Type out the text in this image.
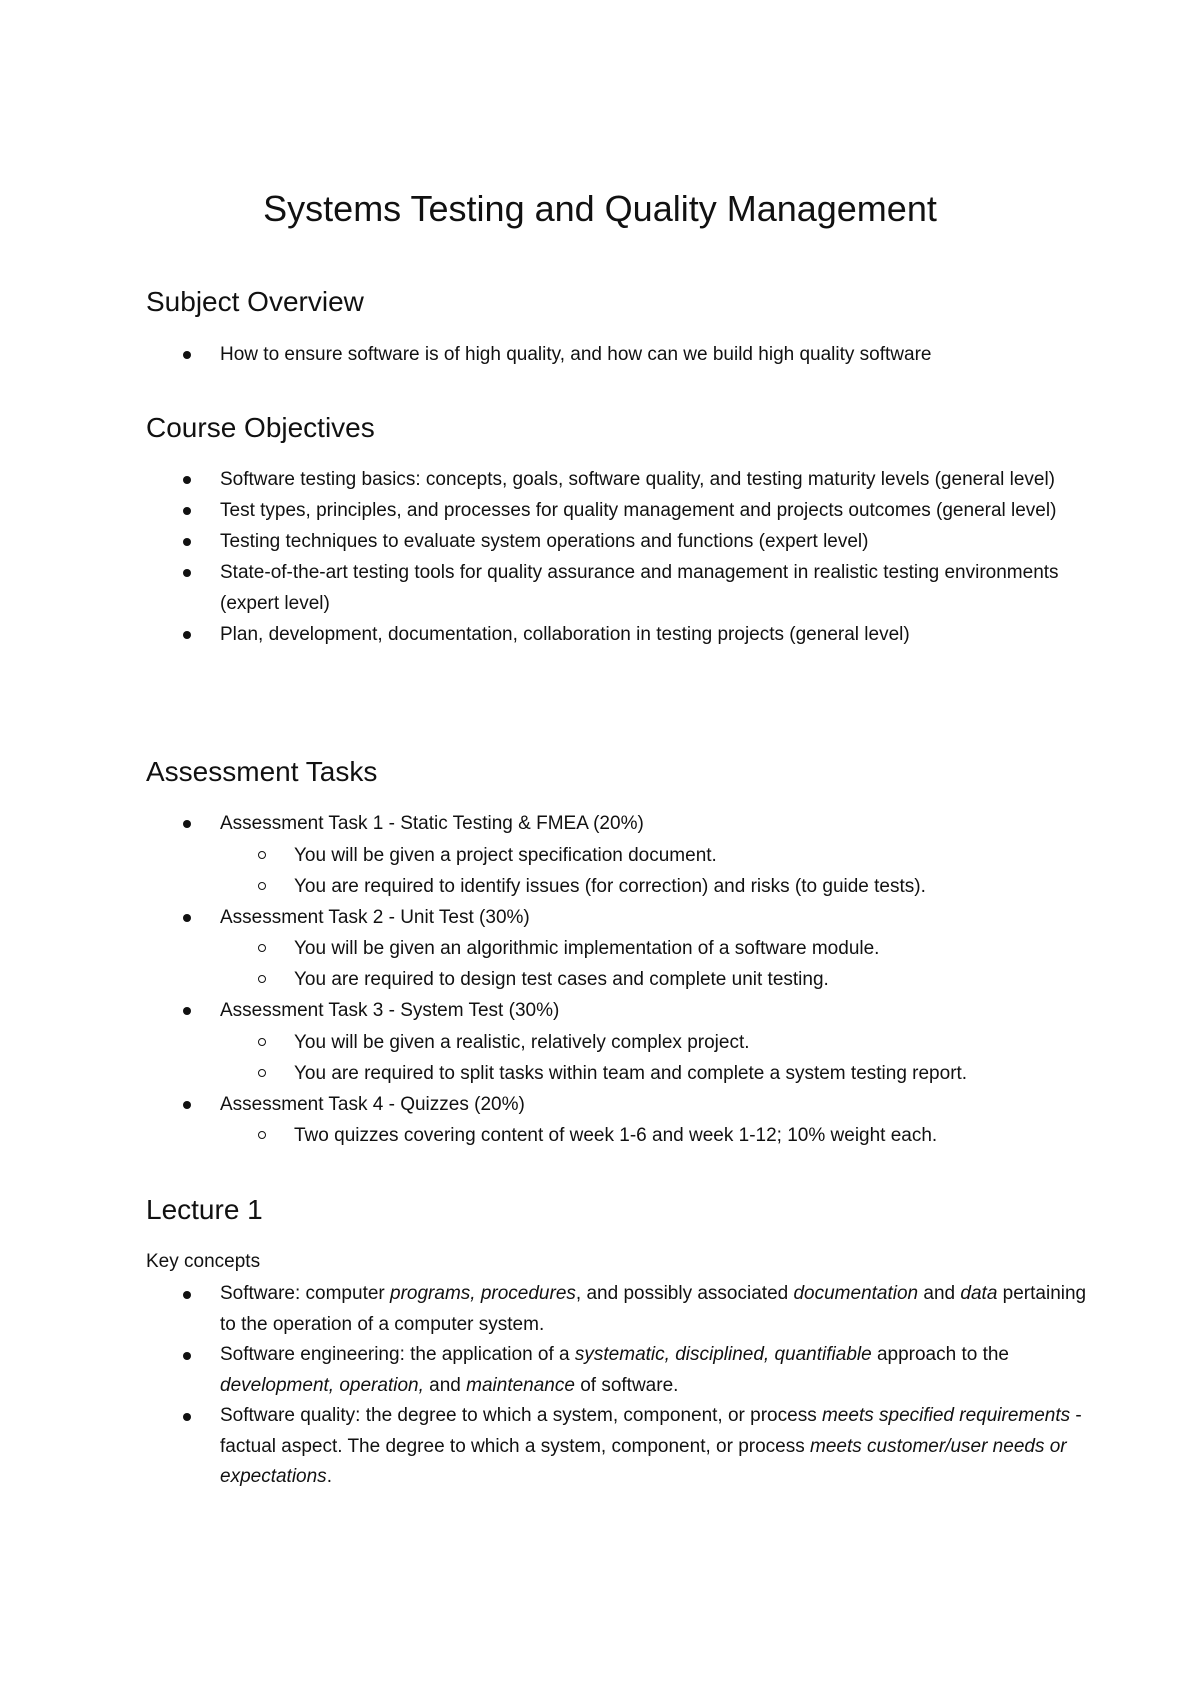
Systems Testing and Quality Management
Subject Overview
How to ensure software is of high quality, and how can we build high quality software
Course Objectives
Software testing basics: concepts, goals, software quality, and testing maturity levels (general level)
Test types, principles, and processes for quality management and projects outcomes (general level)
Testing techniques to evaluate system operations and functions (expert level)
State-of-the-art testing tools for quality assurance and management in realistic testing environments (expert level)
Plan, development, documentation, collaboration in testing projects (general level)
Assessment Tasks
Assessment Task 1 - Static Testing & FMEA (20%)
You will be given a project specification document.
You are required to identify issues (for correction) and risks (to guide tests).
Assessment Task 2 - Unit Test (30%)
You will be given an algorithmic implementation of a software module.
You are required to design test cases and complete unit testing.
Assessment Task 3 - System Test (30%)
You will be given a realistic, relatively complex project.
You are required to split tasks within team and complete a system testing report.
Assessment Task 4 - Quizzes (20%)
Two quizzes covering content of week 1-6 and week 1-12; 10% weight each.
Lecture 1

Key concepts

Software: computer programs, procedures, and possibly associated documentation and data pertaining to the operation of a computer system.
Software engineering: the application of a systematic, disciplined, quantifiable approach to the development, operation, and maintenance of software.
Software quality: the degree to which a system, component, or process meets specified requirements - factual aspect. The degree to which a system, component, or process meets customer/user needs or expectations.
